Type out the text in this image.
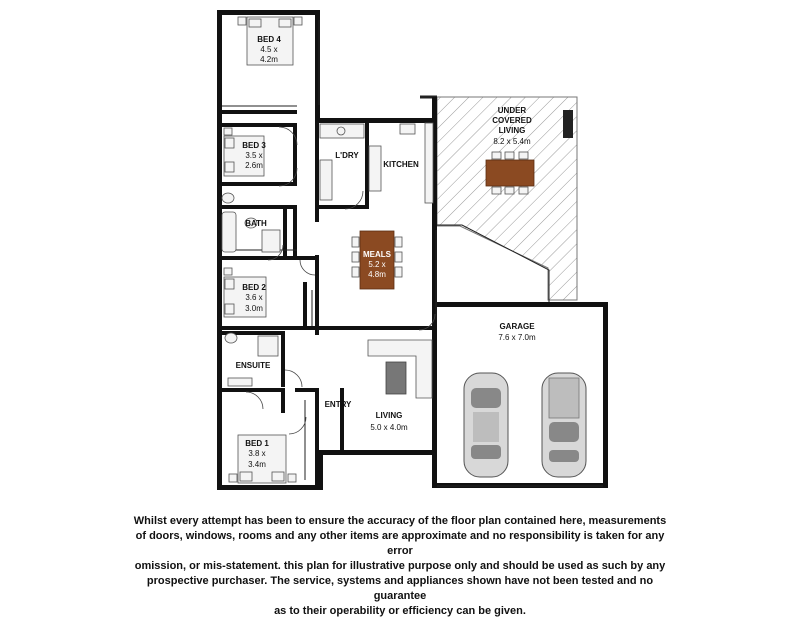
BED 4
4.5 x
4.2m
BED 3
3.5 x
2.6m
L'DRY
KITCHEN
UNDER
COVERED
LIVING
8.2 x 5.4m
BATH
MEALS
5.2 x
4.8m
BED 2
3.6 x
3.0m
GARAGE
7.6 x 7.0m
ENSUITE
ENTRY
LIVING
5.0 x 4.0m
BED 1
3.8 x
3.4m
Whilst every attempt has been to ensure the accuracy of the floor plan contained here, measurements
of doors, windows, rooms and any other items are approximate and no responsibility is taken for any error
omission, or mis-statement. this plan for illustrative purpose only and should be used as such by any
prospective purchaser. The service, systems and appliances shown have not been tested and no guarantee
as to their operability or efficiency can be given.
